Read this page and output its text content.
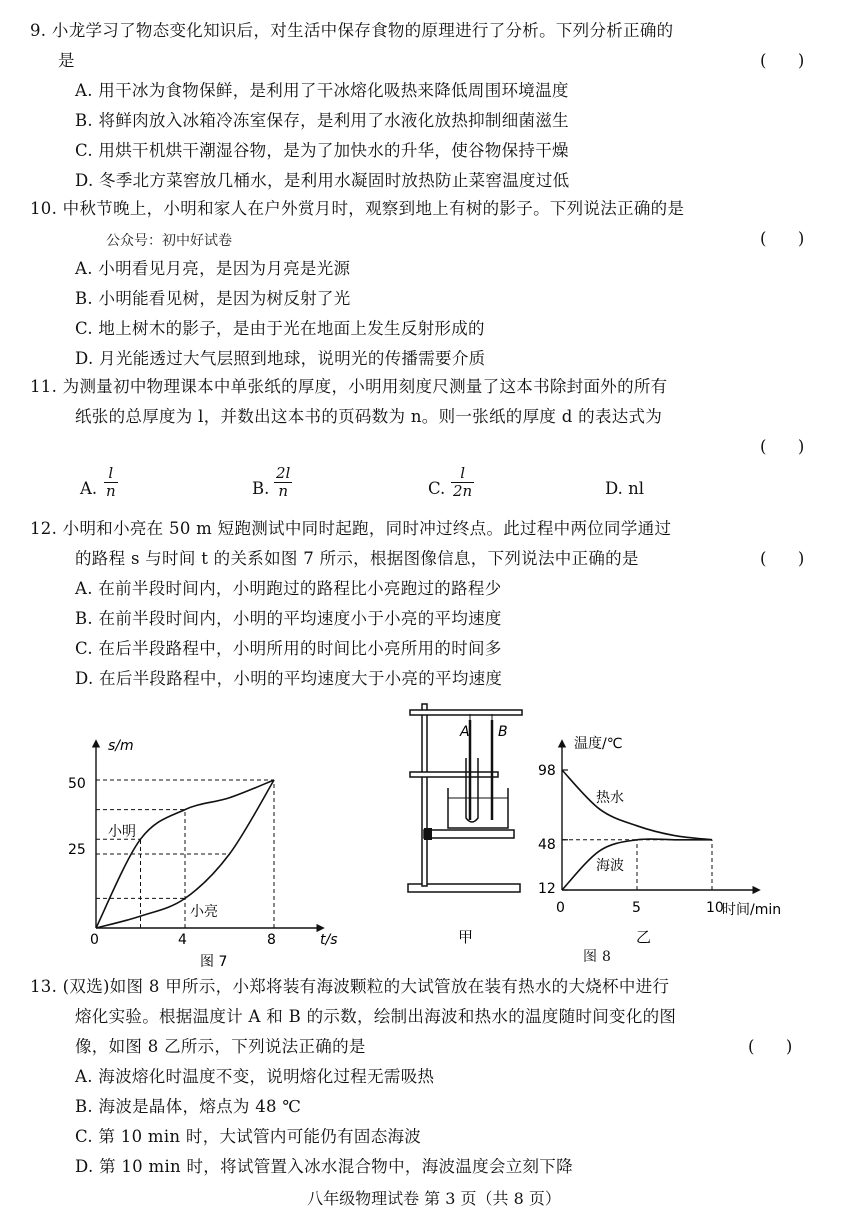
9. 小龙学习了物态变化知识后，对生活中保存食物的原理进行了分析。下列分析正确的
是	(      )
A. 用干冰为食物保鲜，是利用了干冰熔化吸热来降低周围环境温度
B. 将鲜肉放入冰箱冷冻室保存，是利用了水液化放热抑制细菌滋生
C. 用烘干机烘干潮湿谷物，是为了加快水的升华，使谷物保持干燥
D. 冬季北方菜窖放几桶水，是利用水凝固时放热防止菜窖温度过低
10. 中秋节晚上，小明和家人在户外赏月时，观察到地上有树的影子。下列说法正确的是
公众号：初中好试卷	(      )
A. 小明看见月亮，是因为月亮是光源
B. 小明能看见树，是因为树反射了光
C. 地上树木的影子，是由于光在地面上发生反射形成的
D. 月光能透过大气层照到地球，说明光的传播需要介质
11. 为测量初中物理课本中单张纸的厚度，小明用刻度尺测量了这本书除封面外的所有
纸张的总厚度为 l，并数出这本书的页码数为 n。则一张纸的厚度 d 的表达式为
(      )
A. $\frac{l}{n}$	B. $\frac{2l}{n}$	C. $\frac{l}{2n}$	D. nl
12. 小明和小亮在 50 m 短跑测试中同时起跑，同时冲过终点。此过程中两位同学通过
的路程 s 与时间 t 的关系如图 7 所示，根据图像信息，下列说法中正确的是	(      )
A. 在前半段时间内，小明跑过的路程比小亮跑过的路程少
B. 在前半段时间内，小明的平均速度小于小亮的平均速度
C. 在后半段路程中，小明所用的时间比小亮所用的时间多
D. 在后半段路程中，小明的平均速度大于小亮的平均速度
s/m
t/s
0
50
25
4	8
小明
小亮
图 7
A B
甲
温度/℃
时间/min
98
48
12
0	5	10
热水
海波
乙
图 8
13. (双选)如图 8 甲所示，小郑将装有海波颗粒的大试管放在装有热水的大烧杯中进行
熔化实验。根据温度计 A 和 B 的示数，绘制出海波和热水的温度随时间变化的图
像，如图 8 乙所示，下列说法正确的是	(      )
A. 海波熔化时温度不变，说明熔化过程无需吸热
B. 海波是晶体，熔点为 48 ℃
C. 第 10 min 时，大试管内可能仍有固态海波
D. 第 10 min 时，将试管置入冰水混合物中，海波温度会立刻下降
八年级物理试卷 第 3 页（共 8 页）
